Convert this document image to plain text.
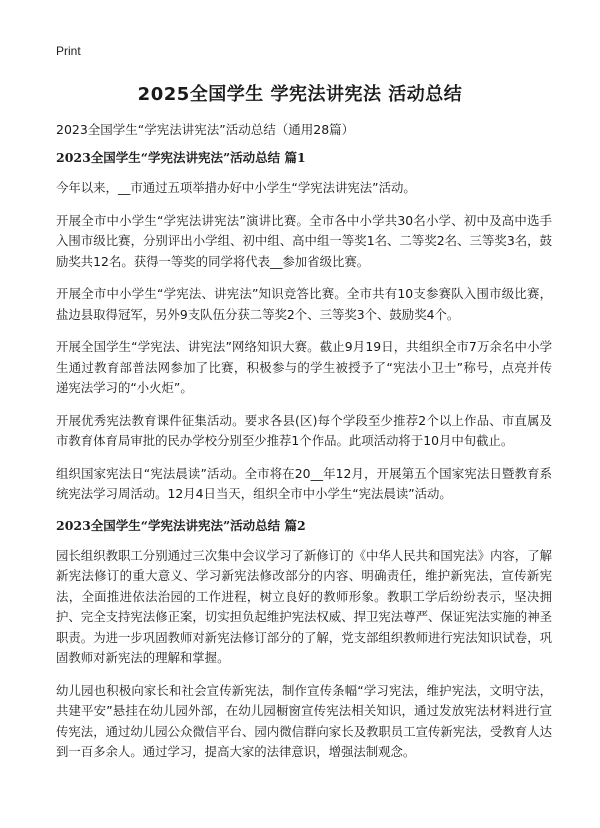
Print
2025全国学生 学宪法讲宪法 活动总结
2023全国学生“学宪法讲宪法”活动总结（通用28篇）
2023全国学生“学宪法讲宪法”活动总结 篇1

今年以来，__市通过五项举措办好中小学生“学宪法讲宪法”活动。

开展全市中小学生“学宪法讲宪法”演讲比赛。全市各中小学共30名小学、初中及高中选手入围市级比赛，分别评出小学组、初中组、高中组一等奖1名、二等奖2名、三等奖3名，鼓励奖共12名。获得一等奖的同学将代表__参加省级比赛。

开展全市中小学生“学宪法、讲宪法”知识竞答比赛。全市共有10支参赛队入围市级比赛，盐边县取得冠军，另外9支队伍分获二等奖2个、三等奖3个、鼓励奖4个。

开展全国学生“学宪法、讲宪法”网络知识大赛。截止9月19日，共组织全市7万余名中小学生通过教育部普法网参加了比赛，积极参与的学生被授予了“宪法小卫士”称号，点亮并传递宪法学习的“小火炬”。

开展优秀宪法教育课件征集活动。要求各县(区)每个学段至少推荐2个以上作品、市直属及市教育体育局审批的民办学校分别至少推荐1个作品。此项活动将于10月中旬截止。

组织国家宪法日“宪法晨读”活动。全市将在20__年12月，开展第五个国家宪法日暨教育系统宪法学习周活动。12月4日当天，组织全市中小学生“宪法晨读”活动。

2023全国学生“学宪法讲宪法”活动总结 篇2

园长组织教职工分别通过三次集中会议学习了新修订的《中华人民共和国宪法》内容，了解新宪法修订的重大意义、学习新宪法修改部分的内容、明确责任，维护新宪法，宣传新宪法，全面推进依法治园的工作进程，树立良好的教师形象。教职工学后纷纷表示，坚决拥护、完全支持宪法修正案，切实担负起维护宪法权威、捍卫宪法尊严、保证宪法实施的神圣职责。为进一步巩固教师对新宪法修订部分的了解，党支部组织教师进行宪法知识试卷，巩固教师对新宪法的理解和掌握。

幼儿园也积极向家长和社会宣传新宪法，制作宣传条幅“学习宪法，维护宪法，文明守法，共建平安”悬挂在幼儿园外部，在幼儿园橱窗宣传宪法相关知识，通过发放宪法材料进行宣传宪法，通过幼儿园公众微信平台、园内微信群向家长及教职员工宣传新宪法，受教育人达到一百多余人。通过学习，提高大家的法律意识，增强法制观念。
